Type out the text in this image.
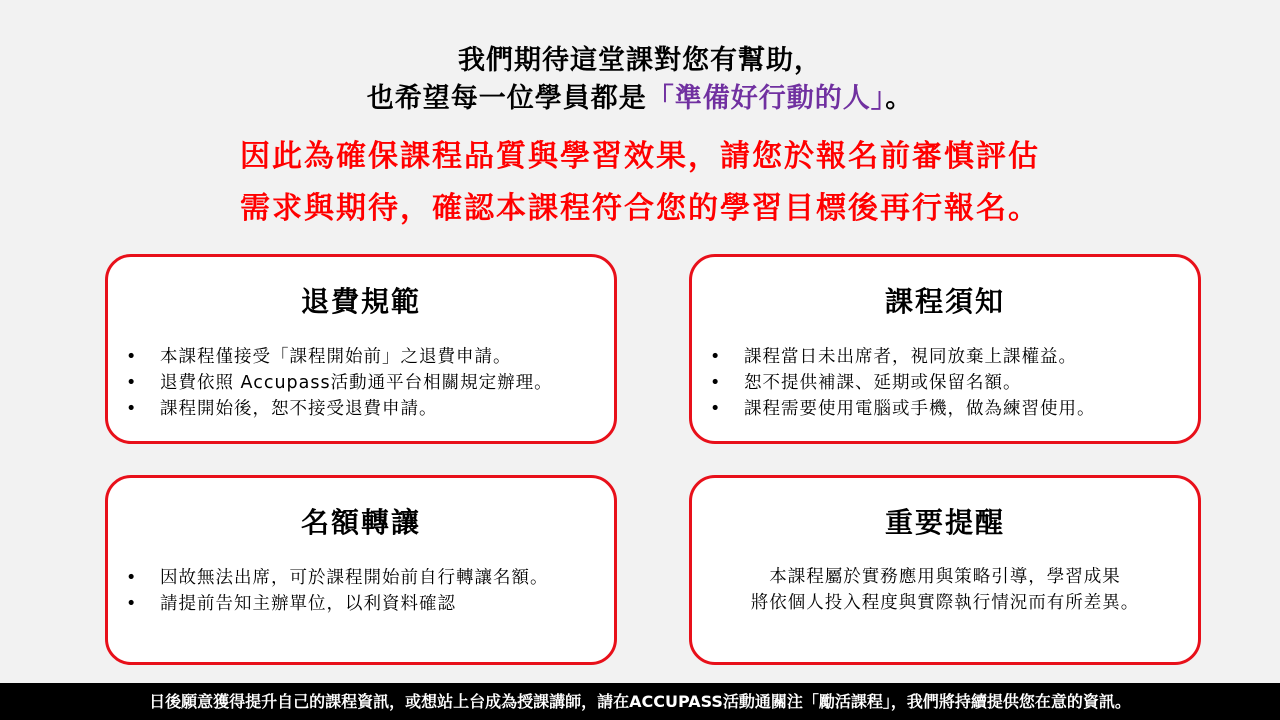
我們期待這堂課對您有幫助，
也希望每一位學員都是「準備好行動的人」。
因此為確保課程品質與學習效果，請您於報名前審慎評估
需求與期待，確認本課程符合您的學習目標後再行報名。
退費規範
• 本課程僅接受「課程開始前」之退費申請。
• 退費依照 Accupass活動通平台相關規定辦理。
• 課程開始後，恕不接受退費申請。
課程須知
• 課程當日未出席者，視同放棄上課權益。
• 恕不提供補課、延期或保留名額。
• 課程需要使用電腦或手機，做為練習使用。
名額轉讓
• 因故無法出席，可於課程開始前自行轉讓名額。
• 請提前告知主辦單位，以利資料確認
重要提醒
本課程屬於實務應用與策略引導，學習成果
將依個人投入程度與實際執行情況而有所差異。
日後願意獲得提升自己的課程資訊，或想站上台成為授課講師，請在ACCUPASS活動通關注「勵活課程」，我們將持續提供您在意的資訊。
